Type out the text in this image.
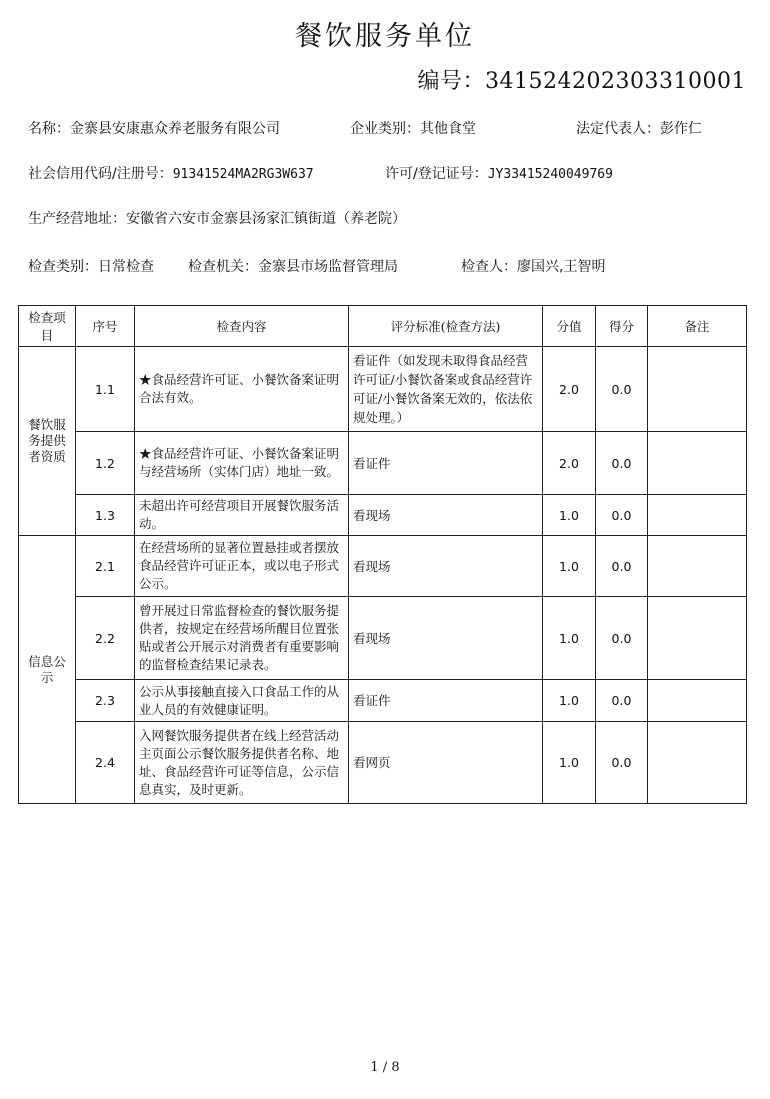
餐饮服务单位
编号：341524202303310001
名称：金寨县安康惠众养老服务有限公司	企业类别：其他食堂	法定代表人：彭作仁
社会信用代码/注册号：91341524MA2RG3W637	许可/登记证号：JY33415240049769
生产经营地址：安徽省六安市金寨县汤家汇镇街道（养老院）
检查类别：日常检查 检查机关：金寨县市场监督管理局	检查人：廖国兴,王智明
检查项目	序号	检查内容	评分标准(检查方法)	分值	得分	备注
餐饮服务提供者资质	1.1	★食品经营许可证、小餐饮备案证明合法有效。	看证件（如发现未取得食品经营许可证/小餐饮备案或食品经营许可证/小餐饮备案无效的，依法依规处理。）	2.0	0.0	
	1.2	★食品经营许可证、小餐饮备案证明与经营场所（实体门店）地址一致。	看证件	2.0	0.0	
	1.3	未超出许可经营项目开展餐饮服务活动。	看现场	1.0	0.0	
信息公示	2.1	在经营场所的显著位置悬挂或者摆放食品经营许可证正本，或以电子形式公示。	看现场	1.0	0.0	
	2.2	曾开展过日常监督检查的餐饮服务提供者，按规定在经营场所醒目位置张贴或者公开展示对消费者有重要影响的监督检查结果记录表。	看现场	1.0	0.0	
	2.3	公示从事接触直接入口食品工作的从业人员的有效健康证明。	看证件	1.0	0.0	
	2.4	入网餐饮服务提供者在线上经营活动主页面公示餐饮服务提供者名称、地址、食品经营许可证等信息，公示信息真实，及时更新。	看网页	1.0	0.0	
1 / 8
